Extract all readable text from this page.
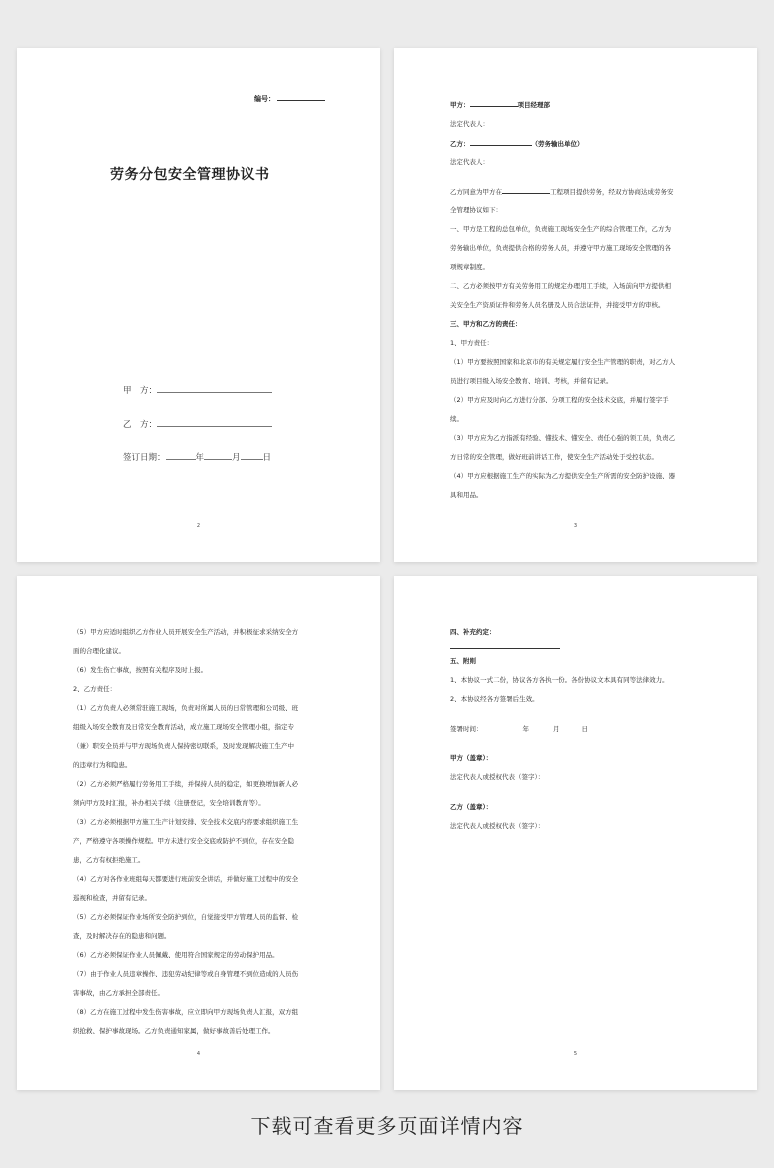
编号：
劳务分包安全管理协议书
甲　方：
乙　方：
签订日期：	年	月	日
2
甲方：	项目经理部
法定代表人：
乙方：	（劳务输出单位）
法定代表人：
乙方同意为甲方在	工程项目提供劳务，经双方协商达成劳务安
全管理协议如下：
一、甲方是工程的总包单位，负责施工现场安全生产的综合管理工作，乙方为
劳务输出单位，负责提供合格的劳务人员，并遵守甲方施工现场安全管理的各
项规章制度。
二、乙方必须按甲方有关劳务用工的规定办理用工手续，入场前向甲方提供相
关安全生产资质证件和劳务人员名册及人员合法证件，并接受甲方的审核。
三、甲方和乙方的责任：
1、甲方责任：
（1）甲方要按照国家和北京市的有关规定履行安全生产管理的职责，对乙方人
员进行项目级入场安全教育、培训、考核，并留有记录。
（2）甲方应及时向乙方进行分部、分项工程的安全技术交底，并履行签字手
续。
（3）甲方应为乙方指派有经验、懂技术、懂安全、责任心强的领工员，负责乙
方日常的安全管理，做好班前讲话工作，使安全生产活动处于受控状态。
（4）甲方应根据施工生产的实际为乙方提供安全生产所需的安全防护设施、器
具和用品。
3
（5）甲方应适时组织乙方作业人员开展安全生产活动，并积极征求采纳安全方
面的合理化建议。
（6）发生伤亡事故，按照有关程序及时上报。
2、乙方责任：
（1）乙方负责人必须常驻施工现场，负责对所属人员的日常管理和公司级、班
组级入场安全教育及日常安全教育活动，成立施工现场安全管理小组，指定专
（兼）职安全员并与甲方现场负责人保持密切联系，及时发现解决施工生产中
的违章行为和隐患。
（2）乙方必须严格履行劳务用工手续，并保持人员的稳定，如更换增加新人必
须向甲方及时汇报，补办相关手续（注册登记，安全培训教育等）。
（3）乙方必须根据甲方施工生产计划安排、安全技术交底内容要求组织施工生
产，严格遵守各项操作规程。甲方未进行安全交底或防护不到位，存在安全隐
患，乙方有权拒绝施工。
（4）乙方对各作业班组每天都要进行班前安全讲话，并做好施工过程中的安全
巡视和检查，并留有记录。
（5）乙方必须保证作业场所安全防护到位，自觉接受甲方管理人员的监督、检
查，及时解决存在的隐患和问题。
（6）乙方必须保证作业人员佩戴、使用符合国家规定的劳动保护用品。
（7）由于作业人员违章操作、违犯劳动纪律等或自身管理不到位造成的人员伤
害事故，由乙方承担全部责任。
（8）乙方在施工过程中发生伤害事故，应立即向甲方现场负责人汇报，双方组
织抢救、保护事故现场。乙方负责通知家属，做好事故善后处理工作。
4
四、补充约定：
五、附则
1、本协议一式二份，协议各方各执一份。各份协议文本具有同等法律效力。
2、本协议经各方签署后生效。
签署时间：	年	月	日
甲方（盖章）：
法定代表人或授权代表（签字）：
乙方（盖章）：
法定代表人或授权代表（签字）：
5
下载可查看更多页面详情内容
